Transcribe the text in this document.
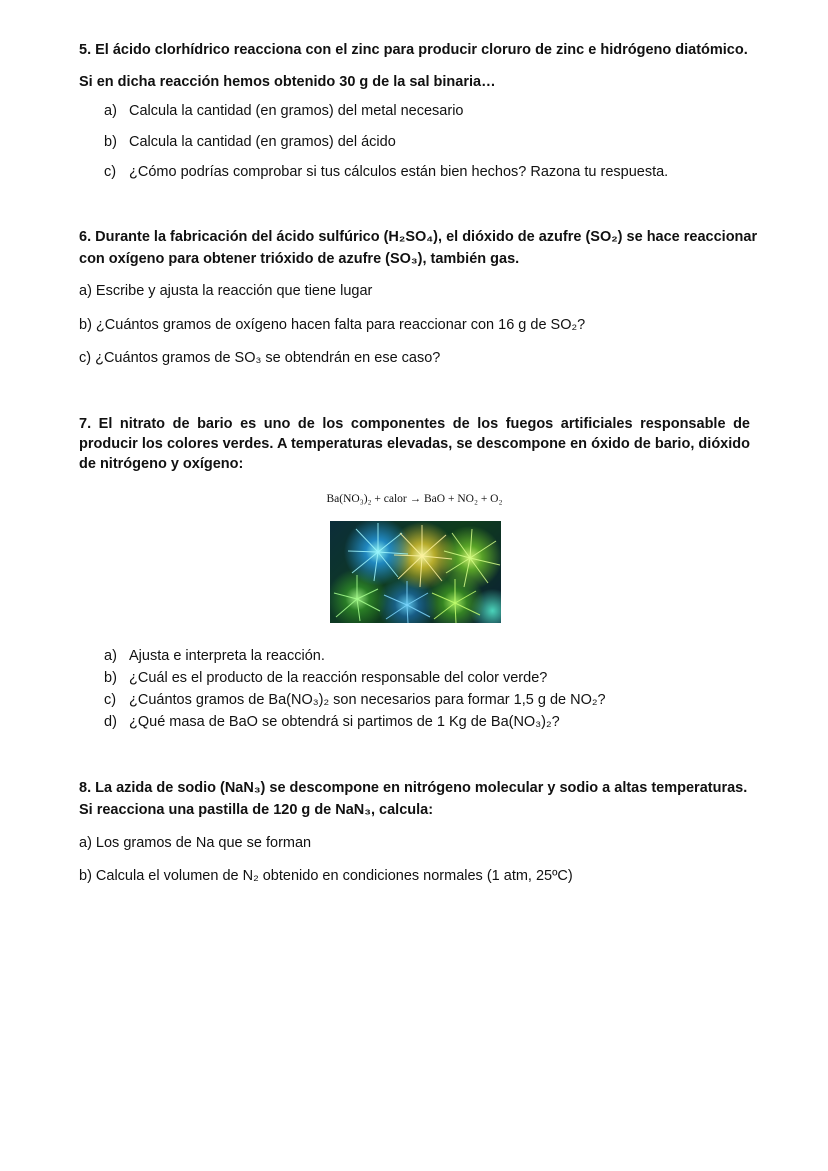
5. El ácido clorhídrico reacciona con el zinc para producir cloruro de zinc e hidrógeno diatómico.
Si en dicha reacción hemos obtenido 30 g de la sal binaria…
a) Calcula la cantidad (en gramos) del metal necesario
b) Calcula la cantidad (en gramos) del ácido
c) ¿Cómo podrías comprobar si tus cálculos están bien hechos? Razona tu respuesta.
6. Durante la fabricación del ácido sulfúrico (H₂SO₄), el dióxido de azufre (SO₂) se hace reaccionar
con oxígeno para obtener trióxido de azufre (SO₃), también gas.
a) Escribe y ajusta la reacción que tiene lugar
b) ¿Cuántos gramos de oxígeno hacen falta para reaccionar con 16 g de SO₂?
c) ¿Cuántos gramos de SO₃ se obtendrán en ese caso?
7. El nitrato de bario es uno de los componentes de los fuegos artificiales responsable de producir los colores verdes. A temperaturas elevadas, se descompone en óxido de bario, dióxido de nitrógeno y oxígeno:
Ba(NO₃)₂ + calor → BaO + NO₂ + O₂
a) Ajusta e interpreta la reacción.
b) ¿Cuál es el producto de la reacción responsable del color verde?
c) ¿Cuántos gramos de Ba(NO₃)₂ son necesarios para formar 1,5 g de NO₂?
d) ¿Qué masa de BaO se obtendrá si partimos de 1 Kg de Ba(NO₃)₂?
8. La azida de sodio (NaN₃) se descompone en nitrógeno molecular y sodio a altas temperaturas.
Si reacciona una pastilla de 120 g de NaN₃, calcula:
a) Los gramos de Na que se forman
b) Calcula el volumen de N₂ obtenido en condiciones normales (1 atm, 25ºC)
